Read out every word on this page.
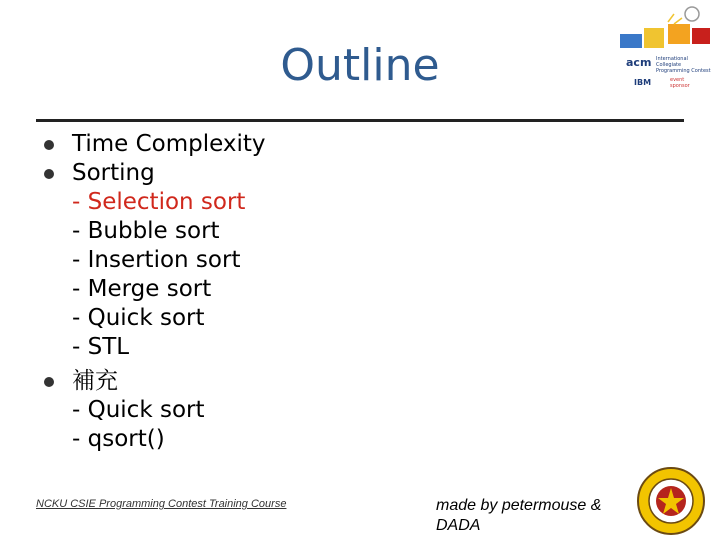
Outline	acm International Collegiate Programming Contest
IBM	event sponsor
Time Complexity
Sorting
- Selection sort
- Bubble sort
- Insertion sort
- Merge sort
- Quick sort
- STL
補充
- Quick sort
- qsort()
NCKU CSIE Programming Contest Training Course	made by petermouse & DADA
